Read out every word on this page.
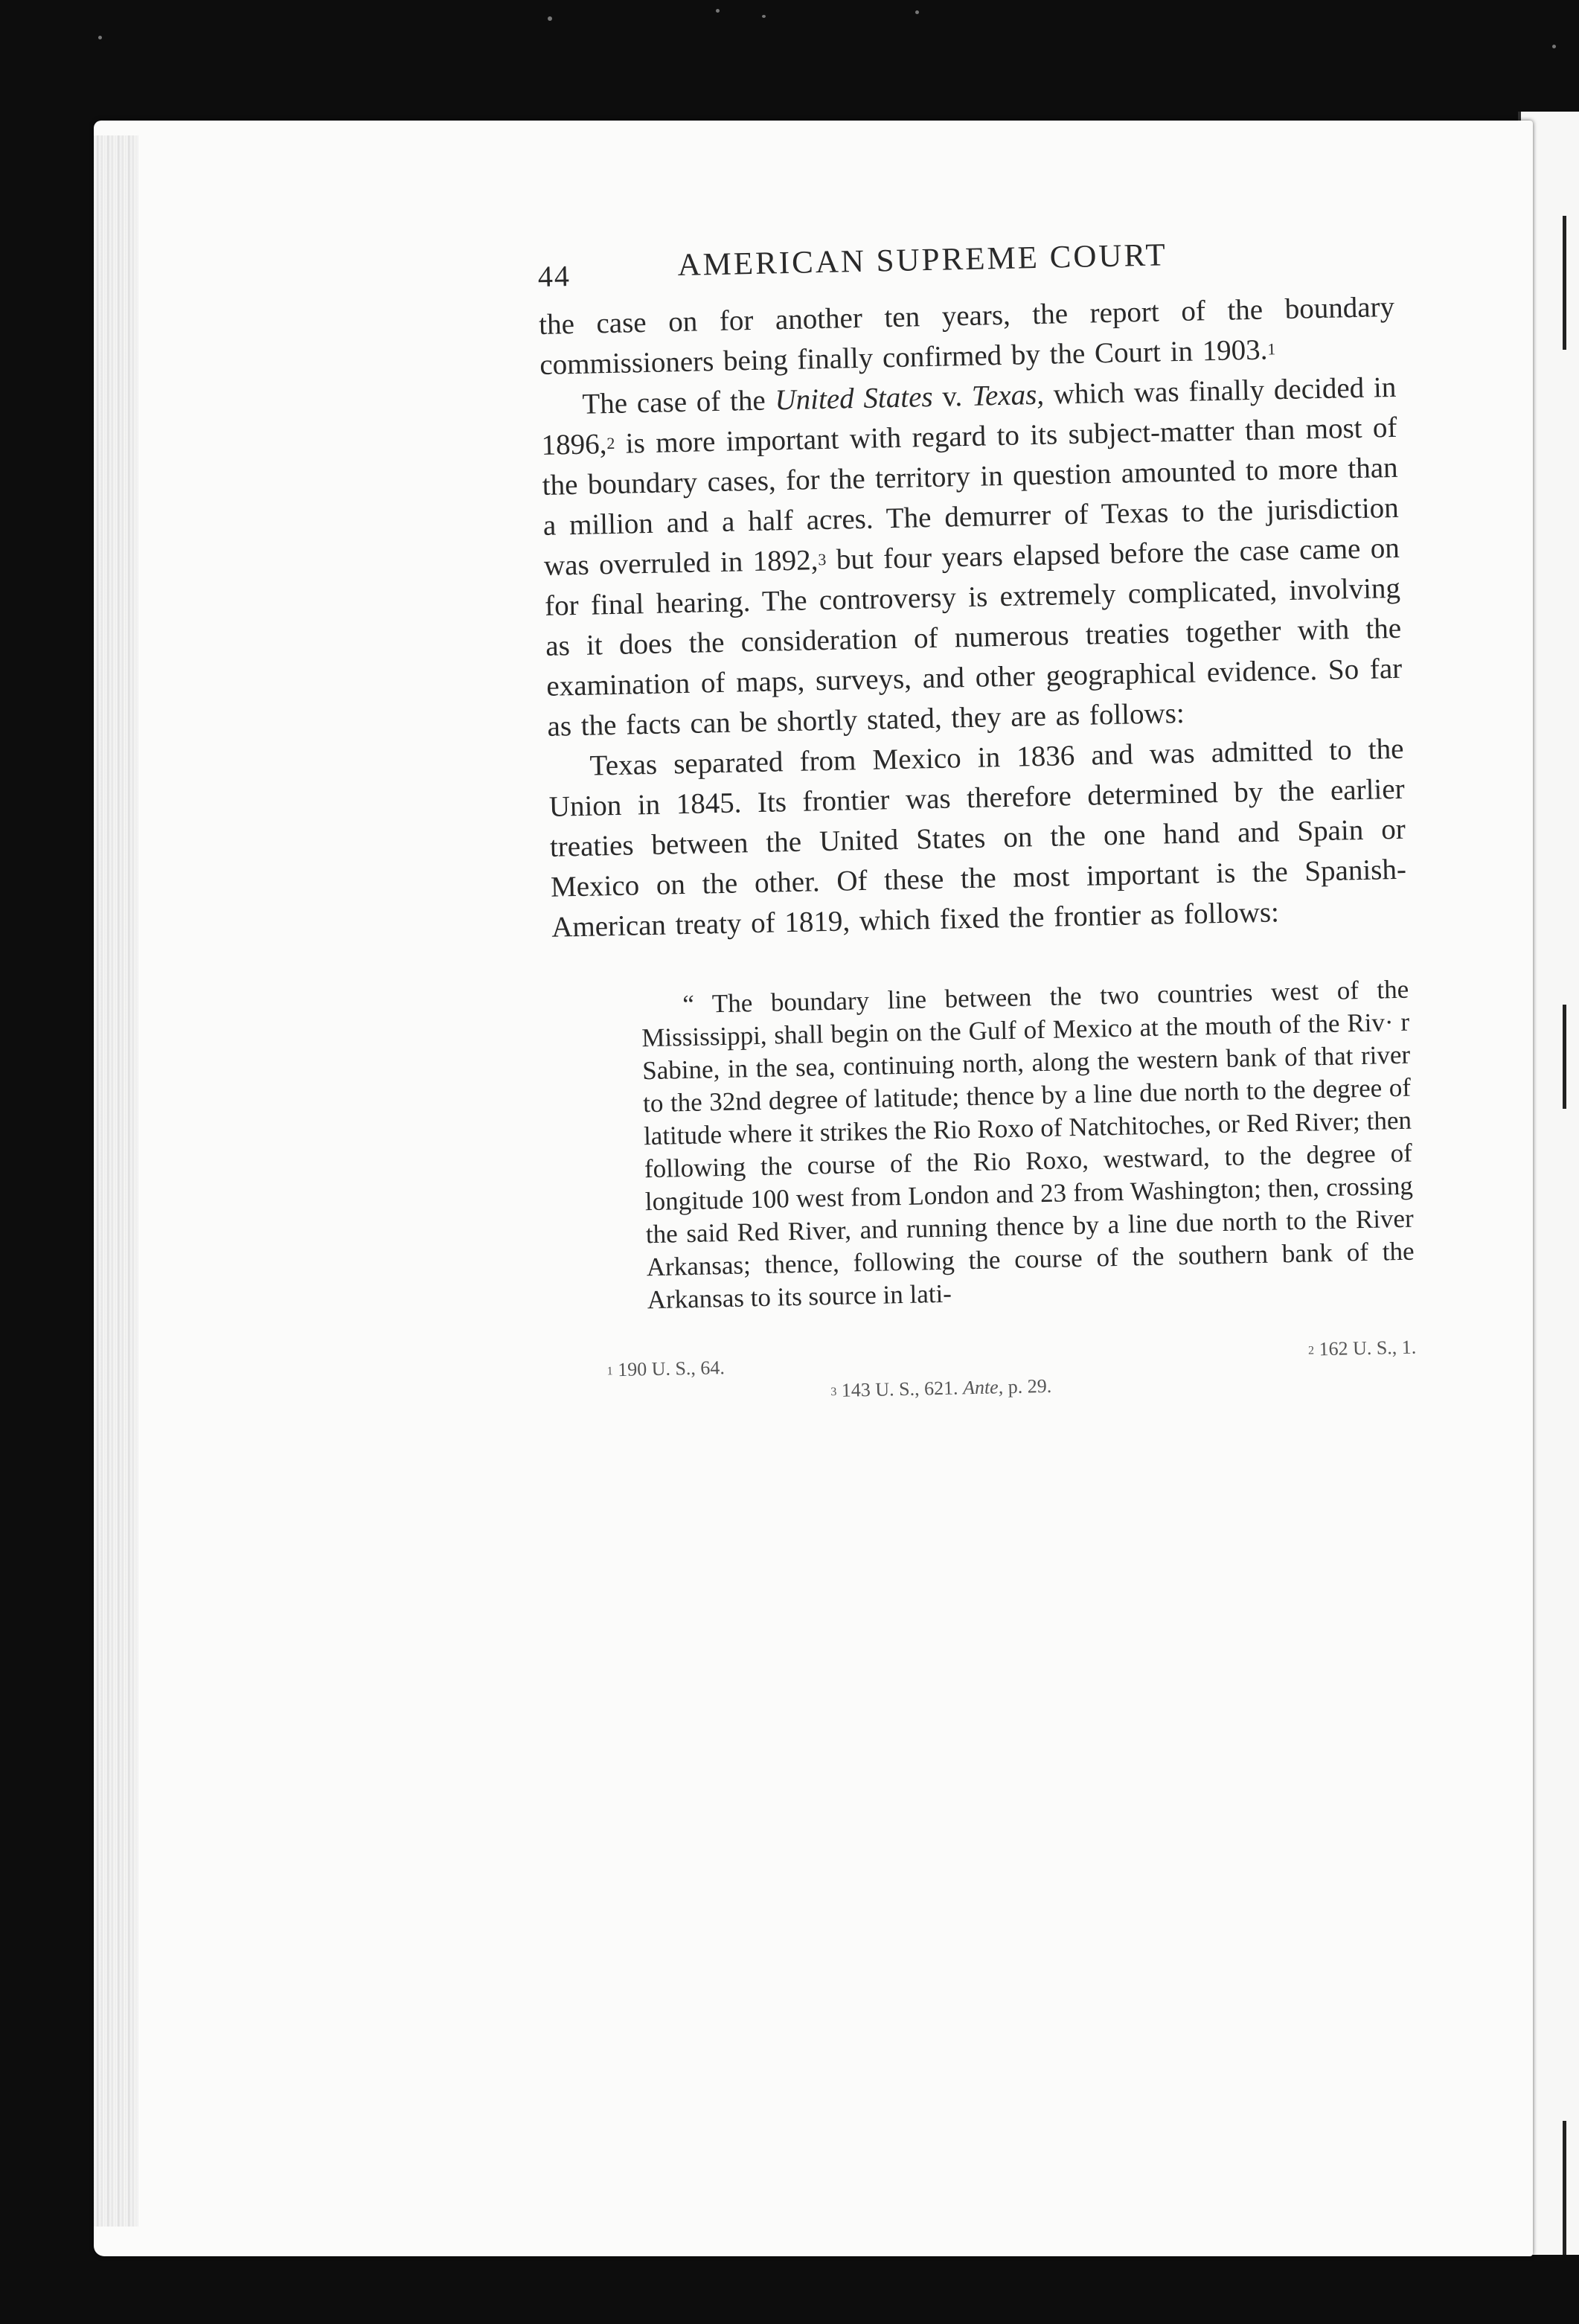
44	AMERICAN SUPREME COURT

the case on for another ten years, the report of the boundary commissioners being finally confirmed by the Court in 1903.$^1$

The case of the United States v. Texas, which was finally decided in 1896,$^2$ is more important with regard to its subject-matter than most of the boundary cases, for the territory in question amounted to more than a million and a half acres. The demurrer of Texas to the jurisdiction was overruled in 1892,$^3$ but four years elapsed before the case came on for final hearing. The controversy is extremely complicated, involving as it does the consideration of numerous treaties together with the examination of maps, surveys, and other geographical evidence. So far as the facts can be shortly stated, they are as follows:

Texas separated from Mexico in 1836 and was admitted to the Union in 1845. Its frontier was therefore determined by the earlier treaties between the United States on the one hand and Spain or Mexico on the other. Of these the most important is the Spanish-American treaty of 1819, which fixed the frontier as follows:

“ The boundary line between the two countries west of the Mississippi, shall begin on the Gulf of Mexico at the mouth of the Riv· r Sabine, in the sea, continuing north, along the western bank of that river to the 32nd degree of latitude; thence by a line due north to the degree of latitude where it strikes the Rio Roxo of Natchitoches, or Red River; then following the course of the Rio Roxo, westward, to the degree of longitude 100 west from London and 23 from Washington; then, crossing the said Red River, and running thence by a line due north to the River Arkansas; thence, following the course of the southern bank of the Arkansas to its source in lati-

$^1$ 190 U. S., 64.
$^2$ 162 U. S., 1.
$^3$ 143 U. S., 621. Ante, p. 29.
